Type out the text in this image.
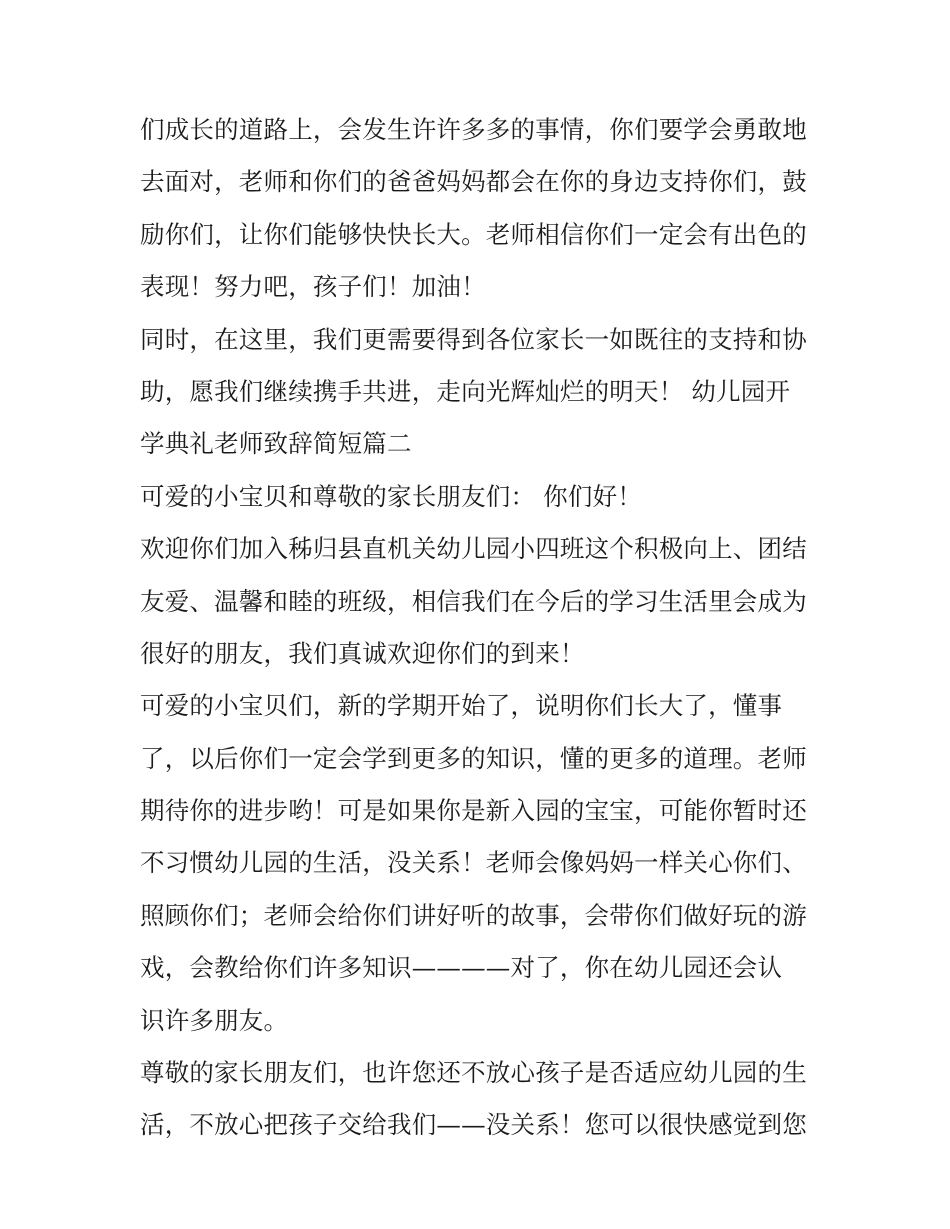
们成长的道路上，会发生许许多多的事情，你们要学会勇敢地
去面对，老师和你们的爸爸妈妈都会在你的身边支持你们，鼓
励你们，让你们能够快快长大。老师相信你们一定会有出色的
表现！努力吧，孩子们！加油！
同时，在这里，我们更需要得到各位家长一如既往的支持和协
助，愿我们继续携手共进，走向光辉灿烂的明天！ 幼儿园开
学典礼老师致辞简短篇二
可爱的小宝贝和尊敬的家长朋友们： 你们好！
欢迎你们加入秭归县直机关幼儿园小四班这个积极向上、团结
友爱、温馨和睦的班级，相信我们在今后的学习生活里会成为
很好的朋友，我们真诚欢迎你们的到来！
可爱的小宝贝们，新的学期开始了，说明你们长大了，懂事
了，以后你们一定会学到更多的知识，懂的更多的道理。老师
期待你的进步哟！可是如果你是新入园的宝宝，可能你暂时还
不习惯幼儿园的生活，没关系！老师会像妈妈一样关心你们、
照顾你们；老师会给你们讲好听的故事，会带你们做好玩的游
戏，会教给你们许多知识————对了，你在幼儿园还会认
识许多朋友。
尊敬的家长朋友们，也许您还不放心孩子是否适应幼儿园的生
活，不放心把孩子交给我们——没关系！您可以很快感觉到您
